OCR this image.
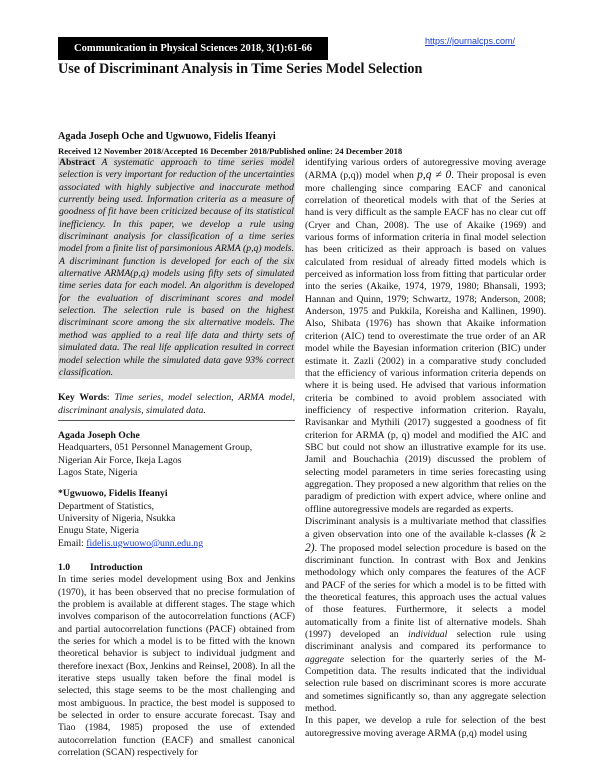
Communication in Physical Sciences 2018, 3(1):61-66
https://journalcps.com/
Use of Discriminant Analysis in Time Series Model Selection
Agada Joseph Oche and Ugwuowo, Fidelis Ifeanyi
Received 12 November 2018/Accepted 16 December 2018/Published online: 24 December 2018

Abstract A systematic approach to time series model selection is very important for reduction of the uncertainties associated with highly subjective and inaccurate method currently being used. Information criteria as a measure of goodness of fit have been criticized because of its statistical inefficiency. In this paper, we develop a rule using discriminant analysis for classification of a time series model from a finite list of parsimonious ARMA (p,q) models. A discriminant function is developed for each of the six alternative ARMA(p,q) models using fifty sets of simulated time series data for each model. An algorithm is developed for the evaluation of discriminant scores and model selection. The selection rule is based on the highest discriminant score among the six alternative models. The method was applied to a real life data and thirty sets of simulated data. The real life application resulted in correct model selection while the simulated data gave 93% correct classification.

Key Words: Time series, model selection, ARMA model, discriminant analysis, simulated data.

Agada Joseph Oche
Headquarters, 051 Personnel Management Group,
Nigerian Air Force, Ikeja Lagos
Lagos State, Nigeria
*Ugwuowo, Fidelis Ifeanyi
Department of Statistics,
University of Nigeria, Nsukka
Enugu State, Nigeria
Email: fidelis.ugwuowo@unn.edu.ng
1.0 Introduction

In time series model development using Box and Jenkins (1970), it has been observed that no precise formulation of the problem is available at different stages. The stage which involves comparison of the autocorrelation functions (ACF) and partial autocorrelation functions (PACF) obtained from the series for which a model is to be fitted with the known theoretical behavior is subject to individual judgment and therefore inexact (Box, Jenkins and Reinsel, 2008). In all the iterative steps usually taken before the final model is selected, this stage seems to be the most challenging and most ambiguous. In practice, the best model is supposed to be selected in order to ensure accurate forecast. Tsay and Tiao (1984, 1985) proposed the use of extended autocorrelation function (EACF) and smallest canonical correlation (SCAN) respectively for

identifying various orders of autoregressive moving average (ARMA (p,q)) model when p,q ≠ 0. Their proposal is even more challenging since comparing EACF and canonical correlation of theoretical models with that of the Series at hand is very difficult as the sample EACF has no clear cut off (Cryer and Chan, 2008). The use of Akaike (1969) and various forms of information criteria in final model selection has been criticized as their approach is based on values calculated from residual of already fitted models which is perceived as information loss from fitting that particular order into the series (Akaike, 1974, 1979, 1980; Bhansali, 1993; Hannan and Quinn, 1979; Schwartz, 1978; Anderson, 2008; Anderson, 1975 and Pukkila, Koreisha and Kallinen, 1990). Also, Shibata (1976) has shown that Akaike information criterion (AIC) tend to overestimate the true order of an AR model while the Bayesian information criterion (BIC) under estimate it. Zazli (2002) in a comparative study concluded that the efficiency of various information criteria depends on where it is being used. He advised that various information criteria be combined to avoid problem associated with inefficiency of respective information criterion. Rayalu, Ravisankar and Mythili (2017) suggested a goodness of fit criterion for ARMA (p, q) model and modified the AIC and SBC but could not show an illustrative example for its use. Jamil and Bouchachia (2019) discussed the problem of selecting model parameters in time series forecasting using aggregation. They proposed a new algorithm that relies on the paradigm of prediction with expert advice, where online and offline autoregressive models are regarded as experts.

Discriminant analysis is a multivariate method that classifies a given observation into one of the available k-classes (k ≥ 2). The proposed model selection procedure is based on the discriminant function. In contrast with Box and Jenkins methodology which only compares the features of the ACF and PACF of the series for which a model is to be fitted with the theoretical features, this approach uses the actual values of those features. Furthermore, it selects a model automatically from a finite list of alternative models. Shah (1997) developed an individual selection rule using discriminant analysis and compared its performance to aggregate selection for the quarterly series of the M-Competition data. The results indicated that the individual selection rule based on discriminant scores is more accurate and sometimes significantly so, than any aggregate selection method.

In this paper, we develop a rule for selection of the best autoregressive moving average ARMA (p,q) model using
